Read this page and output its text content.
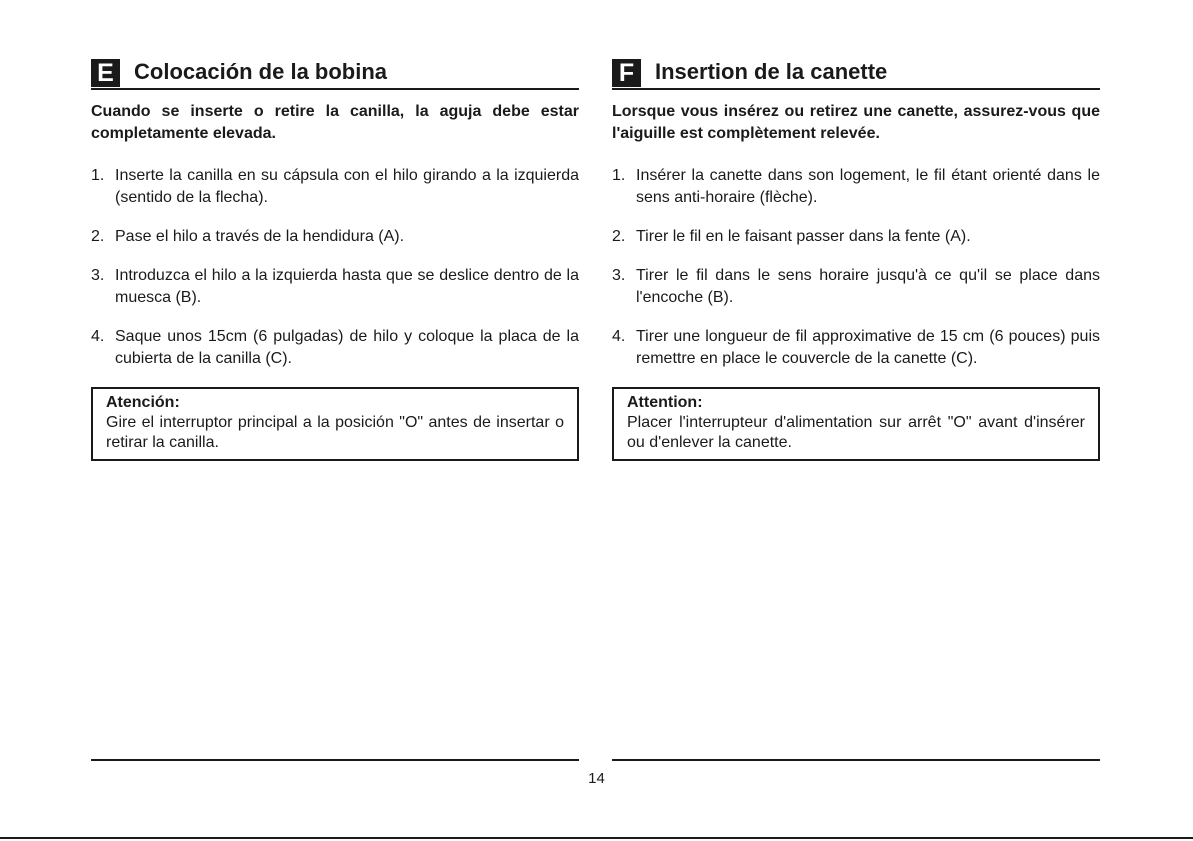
E Colocación de la bobina
Cuando se inserte o retire la canilla, la aguja debe estar completamente elevada.
1. Inserte la canilla en su cápsula con el hilo girando a la izquierda (sentido de la flecha).
2. Pase el hilo a través de la hendidura (A).
3. Introduzca el hilo a la izquierda hasta que se deslice dentro de la muesca (B).
4. Saque unos 15cm (6 pulgadas) de hilo y coloque la placa de la cubierta de la canilla (C).
Atención:
Gire el interruptor principal a la posición "O" antes de insertar o retirar la canilla.
F Insertion de la canette
Lorsque vous insérez ou retirez une canette, assurez-vous que l'aiguille est complètement relevée.
1. Insérer la canette dans son logement, le fil étant orienté dans le sens anti-horaire (flèche).
2. Tirer le fil en le faisant passer dans la fente (A).
3. Tirer le fil dans le sens horaire jusqu'à ce qu'il se place dans l'encoche (B).
4. Tirer une longueur de fil approximative de 15 cm (6 pouces) puis remettre en place le couvercle de la canette (C).
Attention:
Placer l'interrupteur d'alimentation sur arrêt "O" avant d'insérer ou d'enlever la canette.
14
